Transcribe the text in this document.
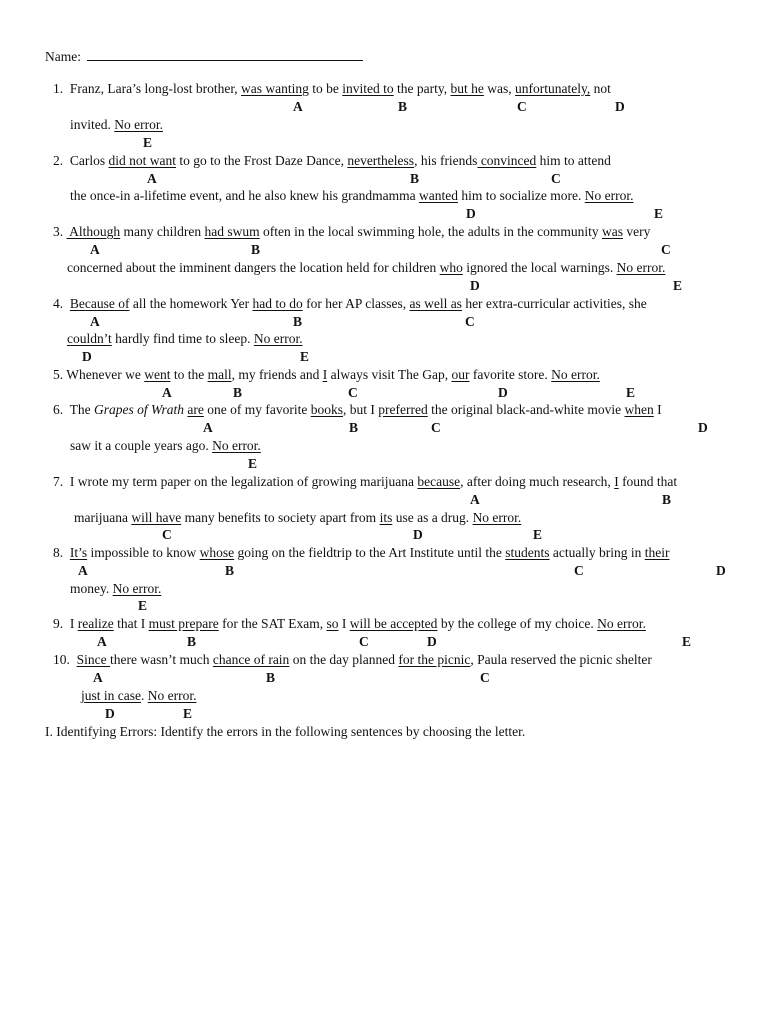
Name:
1. Franz, Lara’s long-lost brother, was wanting to be invited to the party, but he was, unfortunately, not
A	B	C	D
invited. No error.
E
2. Carlos did not want to go to the Frost Daze Dance, nevertheless, his friends convinced him to attend
A	B	C
the once-in a-lifetime event, and he also knew his grandmamma wanted him to socialize more. No error.
D	E
3.  Although many children had swum often in the local swimming hole, the adults in the community was very
A	B	C
concerned about the imminent dangers the location held for children who ignored the local warnings. No error.
D	E
4. Because of all the homework Yer had to do for her AP classes, as well as her extra-curricular activities, she
A	B	C
couldn’t hardly find time to sleep. No error.
D	E
5. Whenever we went to the mall, my friends and I always visit The Gap, our favorite store. No error.
A	B	C	D	E
6. The Grapes of Wrath are one of my favorite books, but I preferred the original black-and-white movie when I
A	B	C	D
saw it a couple years ago. No error.
E
7. I wrote my term paper on the legalization of growing marijuana because, after doing much research, I found that
A	B
marijuana will have many benefits to society apart from its use as a drug. No error.
C	D	E
8. It’s impossible to know whose going on the fieldtrip to the Art Institute until the students actually bring in their
A	B	C	D
money. No error.
E
9. I realize that I must prepare for the SAT Exam, so I will be accepted by the college of my choice. No error.
A	B	C	D	E
10. Since there wasn’t much chance of rain on the day planned for the picnic, Paula reserved the picnic shelter
A	B	C
just in case. No error.
D	E
I. Identifying Errors: Identify the errors in the following sentences by choosing the letter.
